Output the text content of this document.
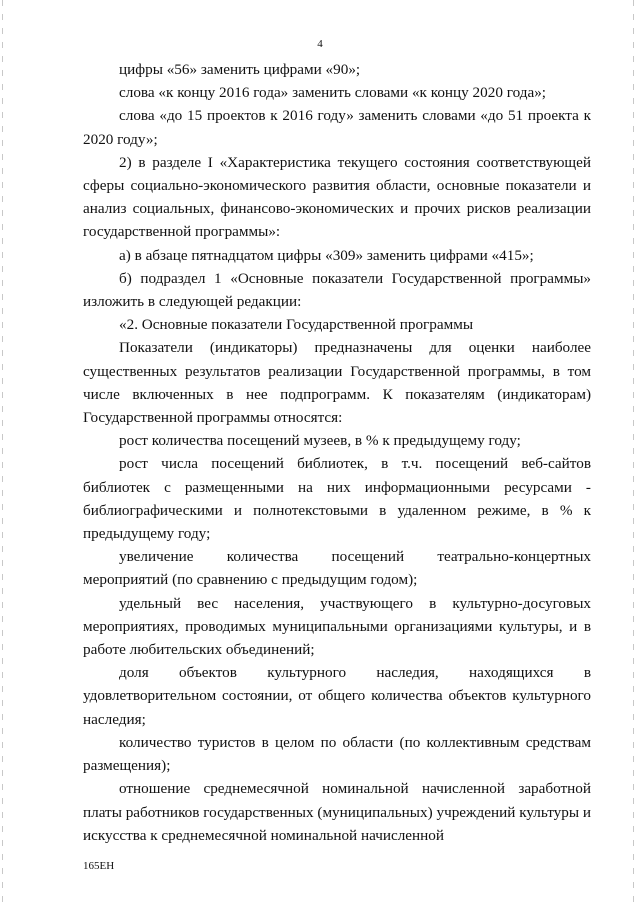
4

цифры «56» заменить цифрами «90»;

слова «к концу 2016 года» заменить словами «к концу 2020 года»;

слова «до 15 проектов к 2016 году» заменить словами «до 51 проекта к 2020 году»;

2) в разделе I «Характеристика текущего состояния соответствующей сферы социально-экономического развития области, основные показатели и анализ социальных, финансово-экономических и прочих рисков реализации государственной программы»:

а) в абзаце пятнадцатом цифры «309» заменить цифрами «415»;

б) подраздел 1 «Основные показатели Государственной программы» изложить в следующей редакции:

«2. Основные показатели Государственной программы

Показатели (индикаторы) предназначены для оценки наиболее существенных результатов реализации Государственной программы, в том числе включенных в нее подпрограмм. К показателям (индикаторам) Государственной программы относятся:

рост количества посещений музеев, в % к предыдущему году;

рост числа посещений библиотек, в т.ч. посещений веб-сайтов библиотек с размещенными на них информационными ресурсами - библиографическими и полнотекстовыми в удаленном режиме, в % к предыдущему году;

увеличение количества посещений театрально-концертных мероприятий (по сравнению с предыдущим годом);

удельный вес населения, участвующего в культурно-досуговых мероприятиях, проводимых муниципальными организациями культуры, и в работе любительских объединений;

доля объектов культурного наследия, находящихся в удовлетворительном состоянии, от общего количества объектов культурного наследия;

количество туристов в целом по области (по коллективным средствам размещения);

отношение среднемесячной номинальной начисленной заработной платы работников государственных (муниципальных) учреждений культуры и искусства к среднемесячной номинальной начисленной

165ЕН
